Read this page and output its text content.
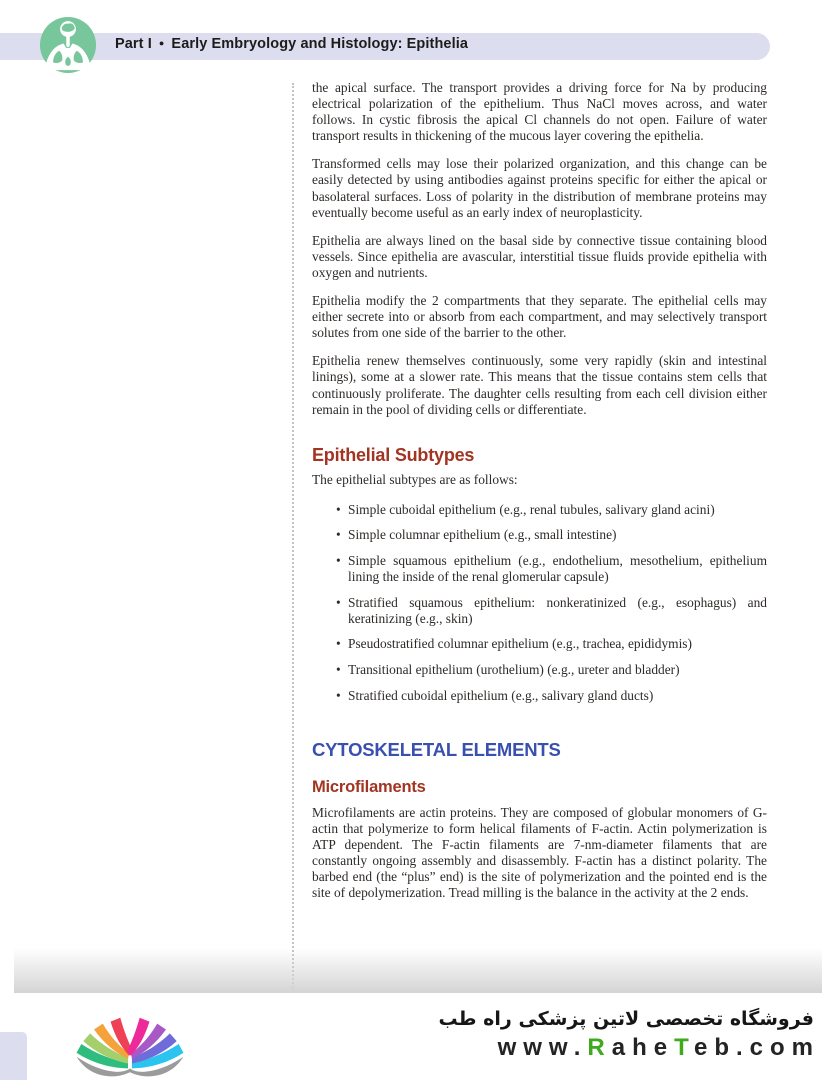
Part I ● Early Embryology and Histology: Epithelia

the apical surface. The transport provides a driving force for Na by producing electrical polarization of the epithelium. Thus NaCl moves across, and water follows. In cystic fibrosis the apical Cl channels do not open. Failure of water transport results in thickening of the mucous layer covering the epithelia.

Transformed cells may lose their polarized organization, and this change can be easily detected by using antibodies against proteins specific for either the apical or basolateral surfaces. Loss of polarity in the distribution of membrane proteins may eventually become useful as an early index of neuroplasticity.

Epithelia are always lined on the basal side by connective tissue containing blood vessels. Since epithelia are avascular, interstitial tissue fluids provide epithelia with oxygen and nutrients.

Epithelia modify the 2 compartments that they separate. The epithelial cells may either secrete into or absorb from each compartment, and may selectively transport solutes from one side of the barrier to the other.

Epithelia renew themselves continuously, some very rapidly (skin and intestinal linings), some at a slower rate. This means that the tissue contains stem cells that continuously proliferate. The daughter cells resulting from each cell division either remain in the pool of dividing cells or differentiate.

Epithelial Subtypes

The epithelial subtypes are as follows:

• Simple cuboidal epithelium (e.g., renal tubules, salivary gland acini)
• Simple columnar epithelium (e.g., small intestine)
• Simple squamous epithelium (e.g., endothelium, mesothelium, epithelium lining the inside of the renal glomerular capsule)
• Stratified squamous epithelium: nonkeratinized (e.g., esophagus) and keratinizing (e.g., skin)
• Pseudostratified columnar epithelium (e.g., trachea, epididymis)
• Transitional epithelium (urothelium) (e.g., ureter and bladder)
• Stratified cuboidal epithelium (e.g., salivary gland ducts)
CYTOSKELETAL ELEMENTS
Microfilaments

Microfilaments are actin proteins. They are composed of globular monomers of G-actin that polymerize to form helical filaments of F-actin. Actin polymerization is ATP dependent. The F-actin filaments are 7-nm-diameter filaments that are constantly ongoing assembly and disassembly. F-actin has a distinct polarity. The barbed end (the “plus” end) is the site of polymerization and the pointed end is the site of depolymerization. Tread milling is the balance in the activity at the 2 ends.

فروشگاه تخصصی لاتین پزشکی راه طب
www.RaheTeb.com
